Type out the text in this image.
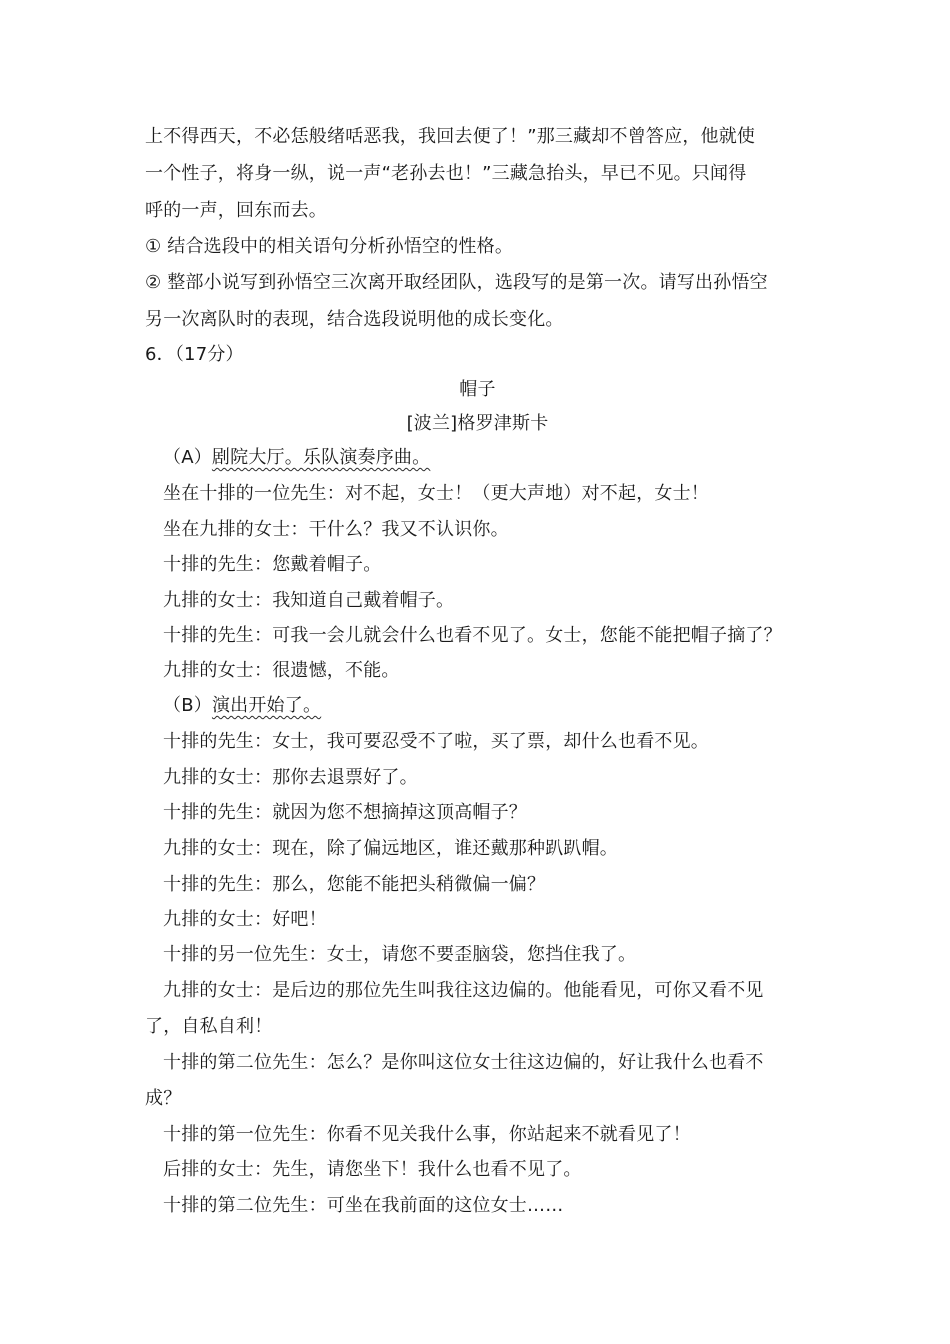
上不得西天，不必恁般绪咶恶我，我回去便了！”那三藏却不曾答应，他就使
一个性子，将身一纵，说一声“老孙去也！”三藏急抬头，早已不见。只闻得
呼的一声，回东而去。
① 结合选段中的相关语句分析孙悟空的性格。
② 整部小说写到孙悟空三次离开取经团队，选段写的是第一次。请写出孙悟空
另一次离队时的表现，结合选段说明他的成长变化。
6．（17分）
帽子
[波兰]格罗津斯卡
（A）剧院大厅。乐队演奏序曲。
坐在十排的一位先生：对不起，女士！（更大声地）对不起，女士！
坐在九排的女士：干什么？我又不认识你。
十排的先生：您戴着帽子。
九排的女士：我知道自己戴着帽子。
十排的先生：可我一会儿就会什么也看不见了。女士，您能不能把帽子摘了？
九排的女士：很遗憾，不能。
（B）演出开始了。
十排的先生：女士，我可要忍受不了啦，买了票，却什么也看不见。
九排的女士：那你去退票好了。
十排的先生：就因为您不想摘掉这顶高帽子？
九排的女士：现在，除了偏远地区，谁还戴那种趴趴帽。
十排的先生：那么，您能不能把头稍微偏一偏？
九排的女士：好吧！
十排的另一位先生：女士，请您不要歪脑袋，您挡住我了。
九排的女士：是后边的那位先生叫我往这边偏的。他能看见，可你又看不见
了，自私自利！
十排的第二位先生：怎么？是你叫这位女士往这边偏的，好让我什么也看不
成？
十排的第一位先生：你看不见关我什么事，你站起来不就看见了！
后排的女士：先生，请您坐下！我什么也看不见了。
十排的第二位先生：可坐在我前面的这位女士……
